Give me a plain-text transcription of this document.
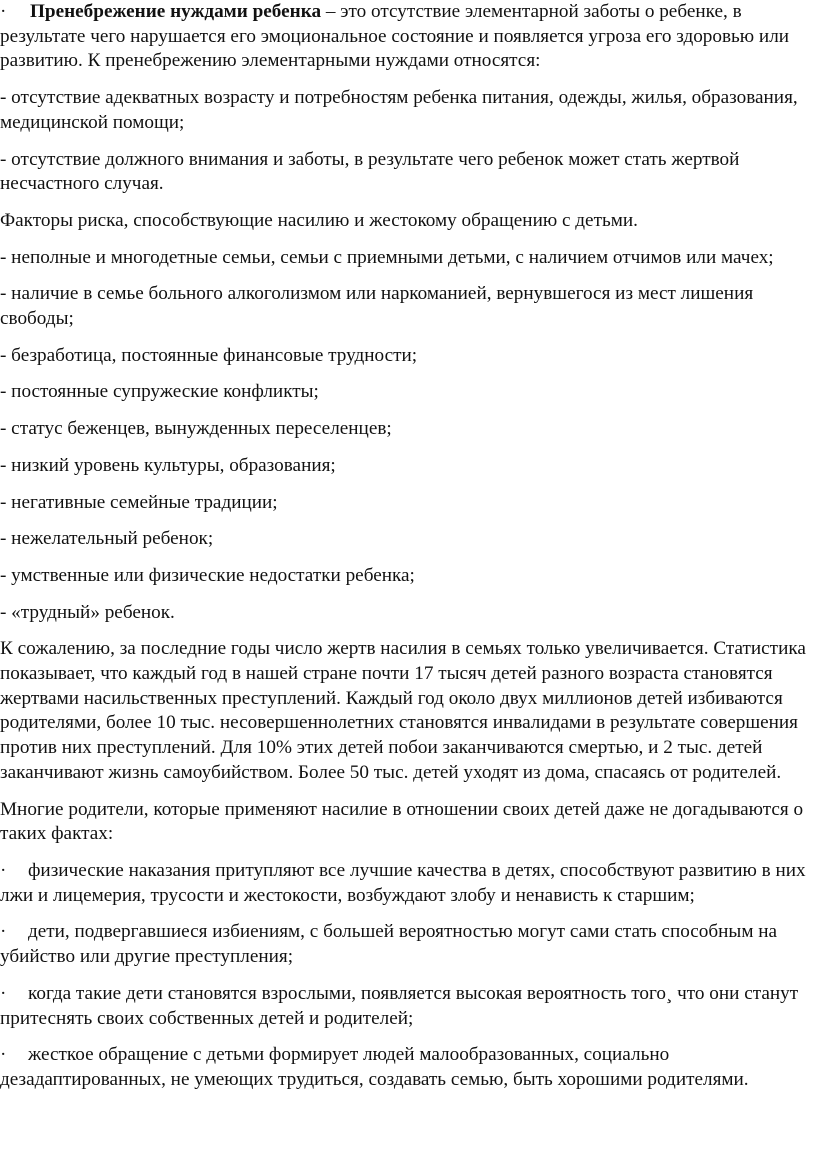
· Пренебрежение нуждами ребенка – это отсутствие элементарной заботы о ребенке, в результате чего нарушается его эмоциональное состояние и появляется угроза его здоровью или развитию. К пренебрежению элементарными нуждами относятся:

- отсутствие адекватных возрасту и потребностям ребенка питания, одежды, жилья, образования, медицинской помощи;

- отсутствие должного внимания и заботы, в результате чего ребенок может стать жертвой несчастного случая.

Факторы риска, способствующие насилию и жестокому обращению с детьми.

- неполные и многодетные семьи, семьи с приемными детьми, с наличием отчимов или мачех;

- наличие в семье больного алкоголизмом или наркоманией, вернувшегося из мест лишения свободы;

- безработица, постоянные финансовые трудности;

- постоянные супружеские конфликты;

- статус беженцев, вынужденных переселенцев;

- низкий уровень культуры, образования;

- негативные семейные традиции;

- нежелательный ребенок;

- умственные или физические недостатки ребенка;

- «трудный» ребенок.

К сожалению, за последние годы число жертв насилия в семьях только увеличивается. Статистика показывает, что каждый год в нашей стране почти 17 тысяч детей разного возраста становятся жертвами насильственных преступлений. Каждый год около двух миллионов детей избиваются родителями, более 10 тыс. несовершеннолетних становятся инвалидами в результате совершения против них преступлений. Для 10% этих детей побои заканчиваются смертью, и 2 тыс. детей заканчивают жизнь самоубийством. Более 50 тыс. детей уходят из дома, спасаясь от родителей.

Многие родители, которые применяют насилие в отношении своих детей даже не догадываются о таких фактах:

· физические наказания притупляют все лучшие качества в детях, способствуют развитию в них лжи и лицемерия, трусости и жестокости, возбуждают злобу и ненависть к старшим;

· дети, подвергавшиеся избиениям, с большей вероятностью могут сами стать способным на убийство или другие преступления;

· когда такие дети становятся взрослыми, появляется высокая вероятность того¸ что они станут притеснять своих собственных детей и родителей;

· жесткое обращение с детьми формирует людей малообразованных, социально дезадаптированных, не умеющих трудиться, создавать семью, быть хорошими родителями.
